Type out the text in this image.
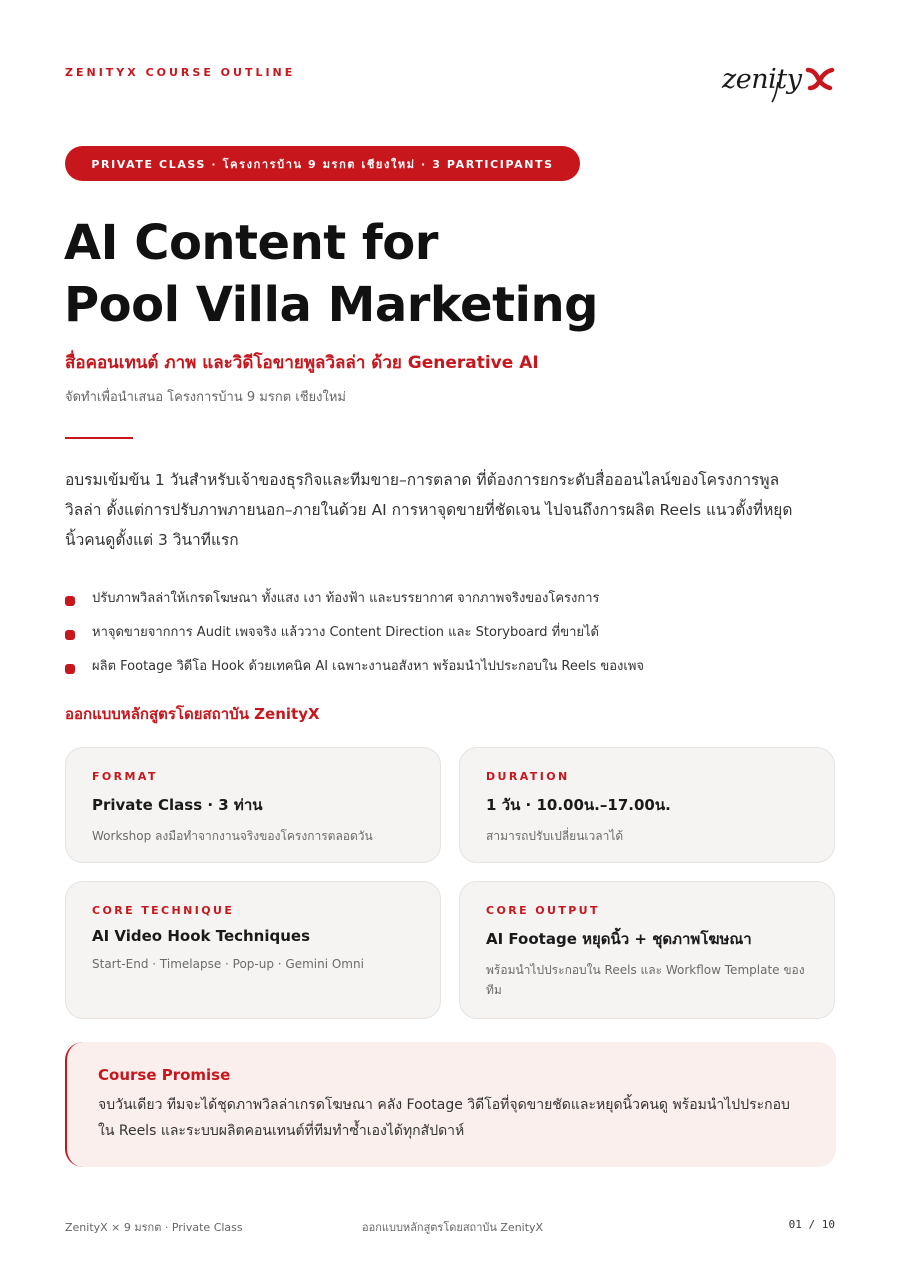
ZENITYX COURSE OUTLINE	zenity
PRIVATE CLASS · โครงการบ้าน 9 มรกต เชียงใหม่ · 3 PARTICIPANTS
AI Content for
Pool Villa Marketing
สื่อคอนเทนต์ ภาพ และวิดีโอขายพูลวิลล่า ด้วย Generative AI
จัดทำเพื่อนำเสนอ โครงการบ้าน 9 มรกต เชียงใหม่

อบรมเข้มข้น 1 วันสำหรับเจ้าของธุรกิจและทีมขาย–การตลาด ที่ต้องการยกระดับสื่อออนไลน์ของโครงการพูลวิลล่า ตั้งแต่การปรับภาพภายนอก–ภายในด้วย AI การหาจุดขายที่ชัดเจน ไปจนถึงการผลิต Reels แนวตั้งที่หยุดนิ้วคนดูตั้งแต่ 3 วินาทีแรก

ปรับภาพวิลล่าให้เกรดโฆษณา ทั้งแสง เงา ท้องฟ้า และบรรยากาศ จากภาพจริงของโครงการ
หาจุดขายจากการ Audit เพจจริง แล้ววาง Content Direction และ Storyboard ที่ขายได้
ผลิต Footage วิดีโอ Hook ด้วยเทคนิค AI เฉพาะงานอสังหา พร้อมนำไปประกอบใน Reels ของเพจ
ออกแบบหลักสูตรโดยสถาบัน ZenityX
FORMAT
Private Class · 3 ท่าน
Workshop ลงมือทำจากงานจริงของโครงการตลอดวัน
DURATION
1 วัน · 10.00น.–17.00น.
สามารถปรับเปลี่ยนเวลาได้
CORE TECHNIQUE
AI Video Hook Techniques
Start-End · Timelapse · Pop-up · Gemini Omni
CORE OUTPUT
AI Footage หยุดนิ้ว + ชุดภาพโฆษณา
พร้อมนำไปประกอบใน Reels และ Workflow Template ของทีม
Course Promise
จบวันเดียว ทีมจะได้ชุดภาพวิลล่าเกรดโฆษณา คลัง Footage วิดีโอที่จุดขายชัดและหยุดนิ้วคนดู พร้อมนำไปประกอบใน Reels และระบบผลิตคอนเทนต์ที่ทีมทำซ้ำเองได้ทุกสัปดาห์
ZenityX × 9 มรกต · Private Class	ออกแบบหลักสูตรโดยสถาบัน ZenityX	01 / 10
